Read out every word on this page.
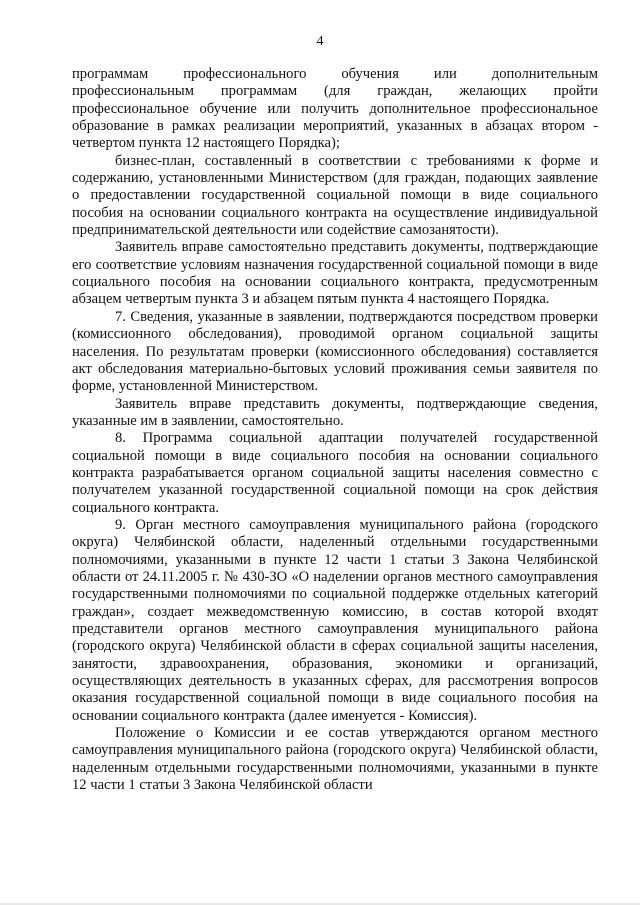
4

программам профессионального обучения или дополнительным профессиональным программам (для граждан, желающих пройти профессиональное обучение или получить дополнительное профессиональное образование в рамках реализации мероприятий, указанных в абзацах втором - четвертом пункта 12 настоящего Порядка);

бизнес-план, составленный в соответствии с требованиями к форме и содержанию, установленными Министерством (для граждан, подающих заявление о предоставлении государственной социальной помощи в виде социального пособия на основании социального контракта на осуществление индивидуальной предпринимательской деятельности или содействие самозанятости).

Заявитель вправе самостоятельно представить документы, подтверждающие его соответствие условиям назначения государственной социальной помощи в виде социального пособия на основании социального контракта, предусмотренным абзацем четвертым пункта 3 и абзацем пятым пункта 4 настоящего Порядка.

7. Сведения, указанные в заявлении, подтверждаются посредством проверки (комиссионного обследования), проводимой органом социальной защиты населения. По результатам проверки (комиссионного обследования) составляется акт обследования материально-бытовых условий проживания семьи заявителя по форме, установленной Министерством.

Заявитель вправе представить документы, подтверждающие сведения, указанные им в заявлении, самостоятельно.

8. Программа социальной адаптации получателей государственной социальной помощи в виде социального пособия на основании социального контракта разрабатывается органом социальной защиты населения совместно с получателем указанной государственной социальной помощи на срок действия социального контракта.

9. Орган местного самоуправления муниципального района (городского округа) Челябинской области, наделенный отдельными государственными полномочиями, указанными в пункте 12 части 1 статьи 3 Закона Челябинской области от 24.11.2005 г. № 430-ЗО «О наделении органов местного самоуправления государственными полномочиями по социальной поддержке отдельных категорий граждан», создает межведомственную комиссию, в состав которой входят представители органов местного самоуправления муниципального района (городского округа) Челябинской области в сферах социальной защиты населения, занятости, здравоохранения, образования, экономики и организаций, осуществляющих деятельность в указанных сферах, для рассмотрения вопросов оказания государственной социальной помощи в виде социального пособия на основании социального контракта (далее именуется - Комиссия).

Положение о Комиссии и ее состав утверждаются органом местного самоуправления муниципального района (городского округа) Челябинской области, наделенным отдельными государственными полномочиями, указанными в пункте 12 части 1 статьи 3 Закона Челябинской области
